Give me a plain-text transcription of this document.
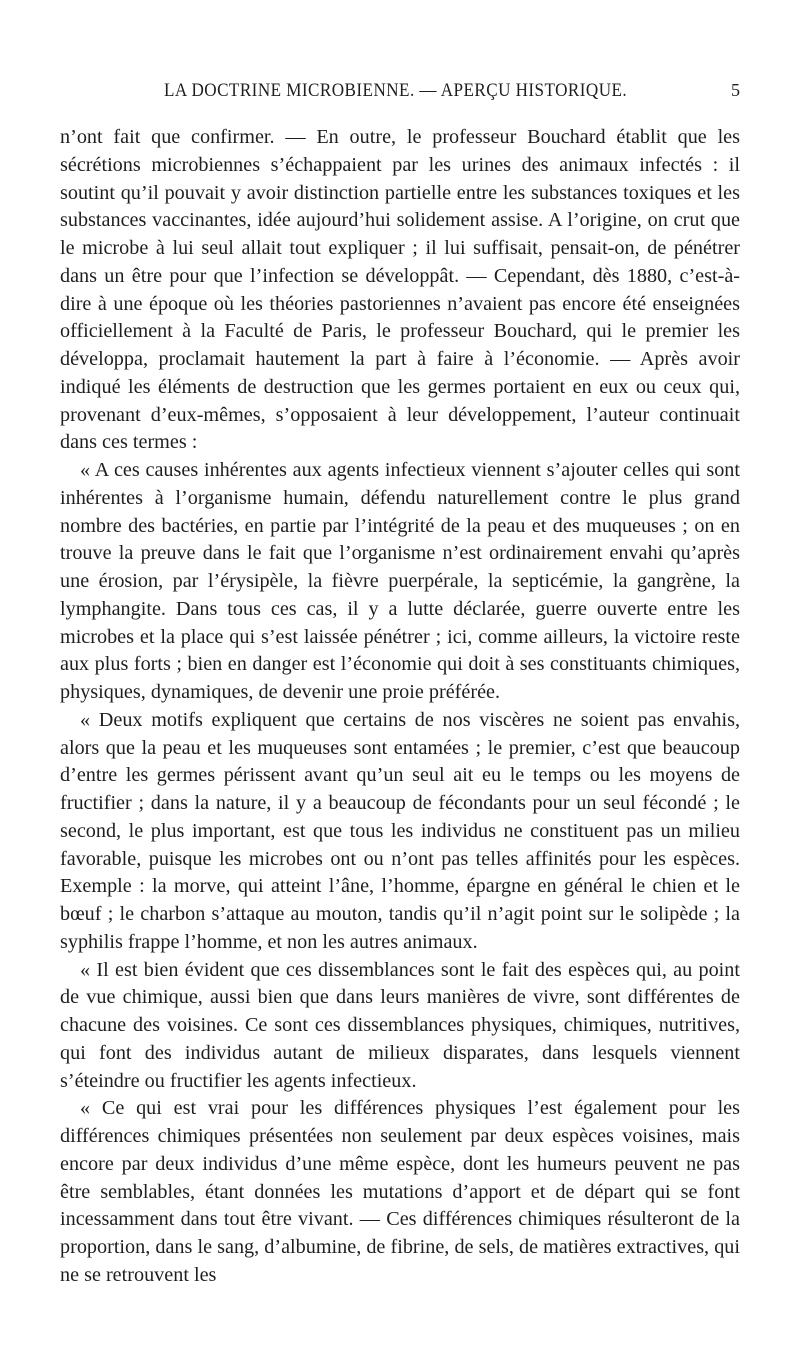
LA DOCTRINE MICROBIENNE. — APERÇU HISTORIQUE.	5

n’ont fait que confirmer. — En outre, le professeur Bouchard établit que les sécrétions microbiennes s’échappaient par les urines des animaux infectés : il soutint qu’il pouvait y avoir distinction partielle entre les substances toxiques et les substances vaccinantes, idée aujourd’hui solidement assise. A l’origine, on crut que le microbe à lui seul allait tout expliquer ; il lui suffisait, pensait-on, de pénétrer dans un être pour que l’infection se développât. — Cependant, dès 1880, c’est-à-dire à une époque où les théories pastoriennes n’avaient pas encore été enseignées officiellement à la Faculté de Paris, le professeur Bouchard, qui le premier les développa, proclamait hautement la part à faire à l’économie. — Après avoir indiqué les éléments de destruction que les germes portaient en eux ou ceux qui, provenant d’eux-mêmes, s’opposaient à leur développement, l’auteur continuait dans ces termes :

« A ces causes inhérentes aux agents infectieux viennent s’ajouter celles qui sont inhérentes à l’organisme humain, défendu naturellement contre le plus grand nombre des bactéries, en partie par l’intégrité de la peau et des muqueuses ; on en trouve la preuve dans le fait que l’organisme n’est ordinairement envahi qu’après une érosion, par l’érysipèle, la fièvre puerpérale, la septicémie, la gangrène, la lymphangite. Dans tous ces cas, il y a lutte déclarée, guerre ouverte entre les microbes et la place qui s’est laissée pénétrer ; ici, comme ailleurs, la victoire reste aux plus forts ; bien en danger est l’économie qui doit à ses constituants chimiques, physiques, dynamiques, de devenir une proie préférée.

« Deux motifs expliquent que certains de nos viscères ne soient pas envahis, alors que la peau et les muqueuses sont entamées ; le premier, c’est que beaucoup d’entre les germes périssent avant qu’un seul ait eu le temps ou les moyens de fructifier ; dans la nature, il y a beaucoup de fécondants pour un seul fécondé ; le second, le plus important, est que tous les individus ne constituent pas un milieu favorable, puisque les microbes ont ou n’ont pas telles affinités pour les espèces. Exemple : la morve, qui atteint l’âne, l’homme, épargne en général le chien et le bœuf ; le charbon s’attaque au mouton, tandis qu’il n’agit point sur le solipède ; la syphilis frappe l’homme, et non les autres animaux.

« Il est bien évident que ces dissemblances sont le fait des espèces qui, au point de vue chimique, aussi bien que dans leurs manières de vivre, sont différentes de chacune des voisines. Ce sont ces dissemblances physiques, chimiques, nutritives, qui font des individus autant de milieux disparates, dans lesquels viennent s’éteindre ou fructifier les agents infectieux.

« Ce qui est vrai pour les différences physiques l’est également pour les différences chimiques présentées non seulement par deux espèces voisines, mais encore par deux individus d’une même espèce, dont les humeurs peuvent ne pas être semblables, étant données les mutations d’apport et de départ qui se font incessamment dans tout être vivant. — Ces différences chimiques résulteront de la proportion, dans le sang, d’albumine, de fibrine, de sels, de matières extractives, qui ne se retrouvent les
